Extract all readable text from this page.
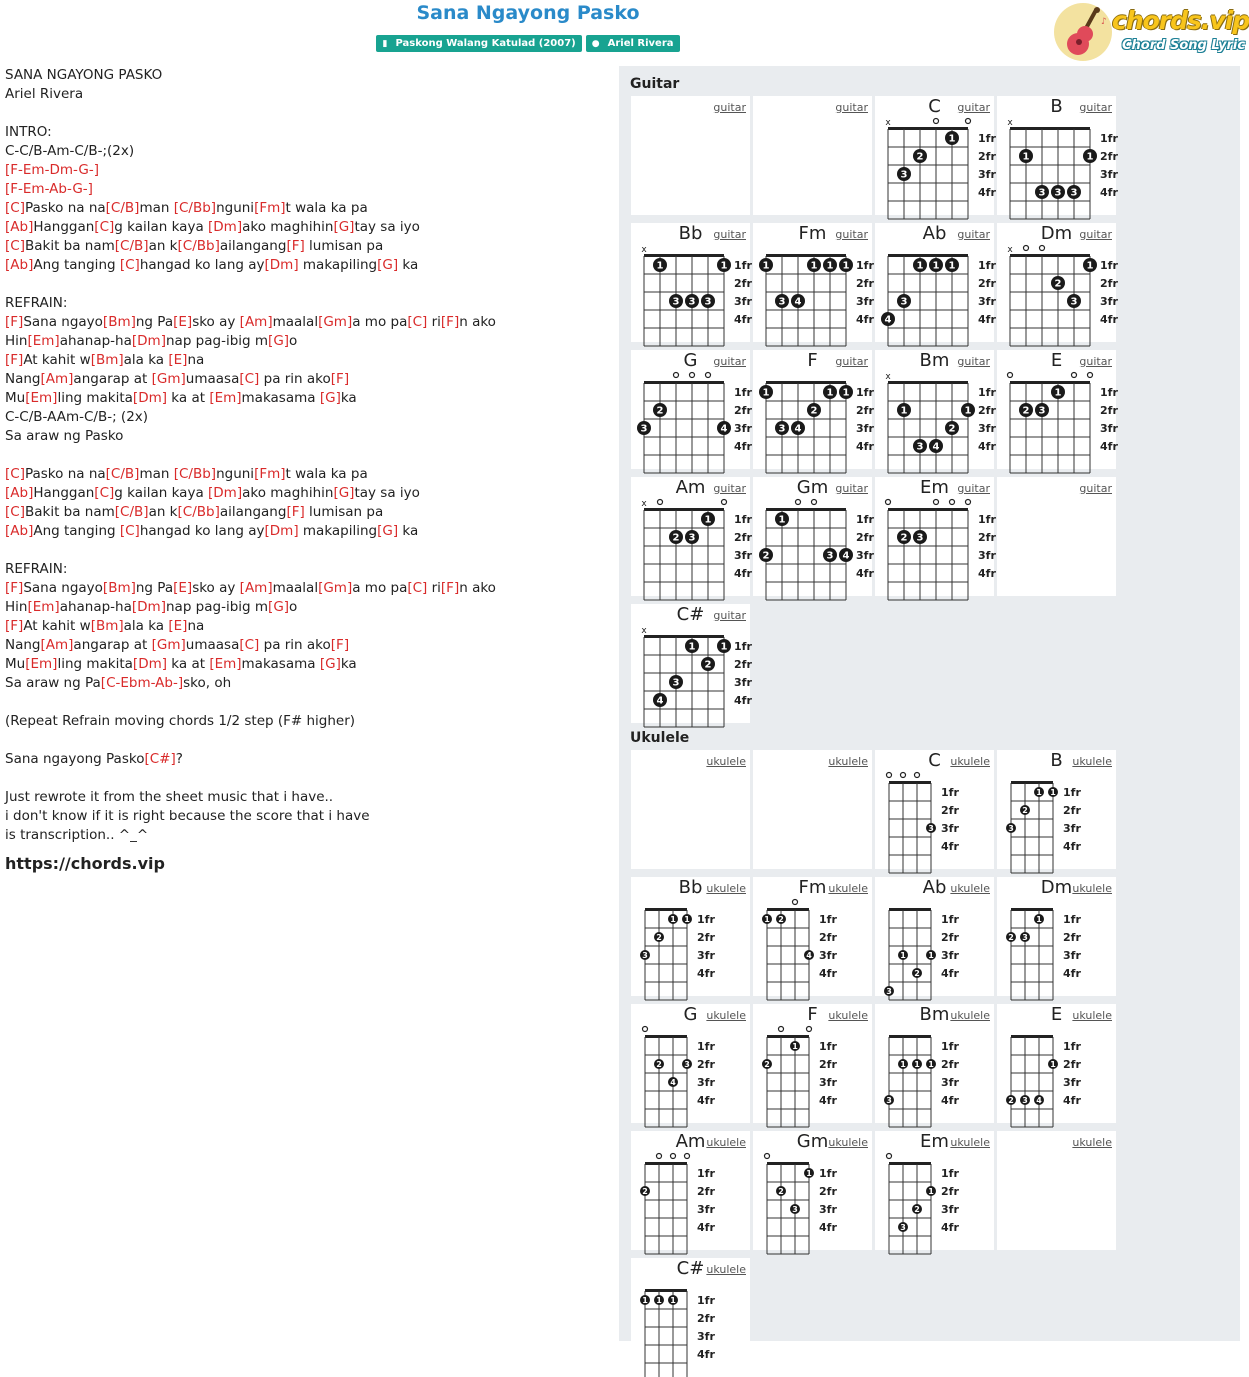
Sana Ngayong Pasko
▮ Paskong Walang Katulad (2007) ● Ariel Rivera
♪ chords.vip
Chord Song Lyric
SANA NGAYONG PASKO
Ariel Rivera
INTRO:
C-C/B-Am-C/B-;(2x)
[F-Em-Dm-G-]
[F-Em-Ab-G-]
[C]Pasko na na[C/B]man [C/Bb]nguni[Fm]t wala ka pa
[Ab]Hanggan[C]g kailan kaya [Dm]ako maghihin[G]tay sa iyo
[C]Bakit ba nam[C/B]an k[C/Bb]ailangang[F] lumisan pa
[Ab]Ang tanging [C]hangad ko lang ay[Dm] makapiling[G] ka
REFRAIN:
[F]Sana ngayo[Bm]ng Pa[E]sko ay [Am]maalal[Gm]a mo pa[C] ri[F]n ako
Hin[Em]ahanap-ha[Dm]nap pag-ibig m[G]o
[F]At kahit w[Bm]ala ka [E]na
Nang[Am]angarap at [Gm]umaasa[C] pa rin ako[F]
Mu[Em]ling makita[Dm] ka at [Em]makasama [G]ka
C-C/B-AAm-C/B-; (2x)
Sa araw ng Pasko
[C]Pasko na na[C/B]man [C/Bb]nguni[Fm]t wala ka pa
[Ab]Hanggan[C]g kailan kaya [Dm]ako maghihin[G]tay sa iyo
[C]Bakit ba nam[C/B]an k[C/Bb]ailangang[F] lumisan pa
[Ab]Ang tanging [C]hangad ko lang ay[Dm] makapiling[G] ka
REFRAIN:
[F]Sana ngayo[Bm]ng Pa[E]sko ay [Am]maalal[Gm]a mo pa[C] ri[F]n ako
Hin[Em]ahanap-ha[Dm]nap pag-ibig m[G]o
[F]At kahit w[Bm]ala ka [E]na
Nang[Am]angarap at [Gm]umaasa[C] pa rin ako[F]
Mu[Em]ling makita[Dm] ka at [Em]makasama [G]ka
Sa araw ng Pa[C-Ebm-Ab-]sko, oh
(Repeat Refrain moving chords 1/2 step (F# higher)
Sana ngayong Pasko[C#]?
Just rewrote it from the sheet music that i have..
i don't know if it is right because the score that i have
is transcription.. ^_^
https://chords.vip
Guitar
guitar	guitar	guitar
C
1fr
2fr
3fr
4fr
x
1
2
3
guitar
B
1fr
2fr
3fr
4fr
x
1	1
3 3 3
guitar
Bb
1fr
2fr
3fr
4fr
x
1	1
3 3 3
guitar
Fm
1fr
2fr
3fr
4fr
1	1 1 1
3 4
guitar
Ab
1fr
2fr
3fr
4fr
1 1 1
3
4
guitar
Dm
1fr
2fr
3fr
4fr
x
1
2
3
guitar
G
1fr
2fr
3fr
4fr
2
3	4
guitar
F
1fr
2fr
3fr
4fr
1	1 1
2
3 4
guitar
Bm
1fr
2fr
3fr
4fr
x
1	1
2
3 4
guitar
E
1fr
2fr
3fr
4fr
1
2 3
guitar
Am
1fr
2fr
3fr
4fr
x
1
2 3
guitar
Gm
1fr
2fr
3fr
4fr
1
2	3 4
guitar
Em
1fr
2fr
3fr
4fr
2 3
guitar
guitar
C#
1fr
2fr
3fr
4fr
x
1	1
2
3
4
Ukulele
ukulele	ukulele	ukulele
C
1fr
2fr
3fr
4fr
3
ukulele
B
1fr
2fr
3fr
4fr
1 1
2
3
ukulele
Bb
1fr
2fr
3fr
4fr
1 1
2
3
ukulele
Fm
1fr
2fr
3fr
4fr
1 2
4
ukulele
Ab
1fr
2fr
3fr
4fr
1	1
2
3
ukulele
Dm
1fr
2fr
3fr
4fr
1
2 3
ukulele
G
1fr
2fr
3fr
4fr
2	3
4
ukulele
F
1fr
2fr
3fr
4fr
1
2
ukulele
Bm
1fr
2fr
3fr
4fr
1 1 1
3
ukulele
E
1fr
2fr
3fr
4fr
1
2 3 4
ukulele
Am
1fr
2fr
3fr
4fr
2
ukulele
Gm
1fr
2fr
3fr
4fr
1
2
3
ukulele
Em
1fr
2fr
3fr
4fr
1
2
3
ukulele
ukulele
C#
1fr
2fr
3fr
4fr
1 1 1
